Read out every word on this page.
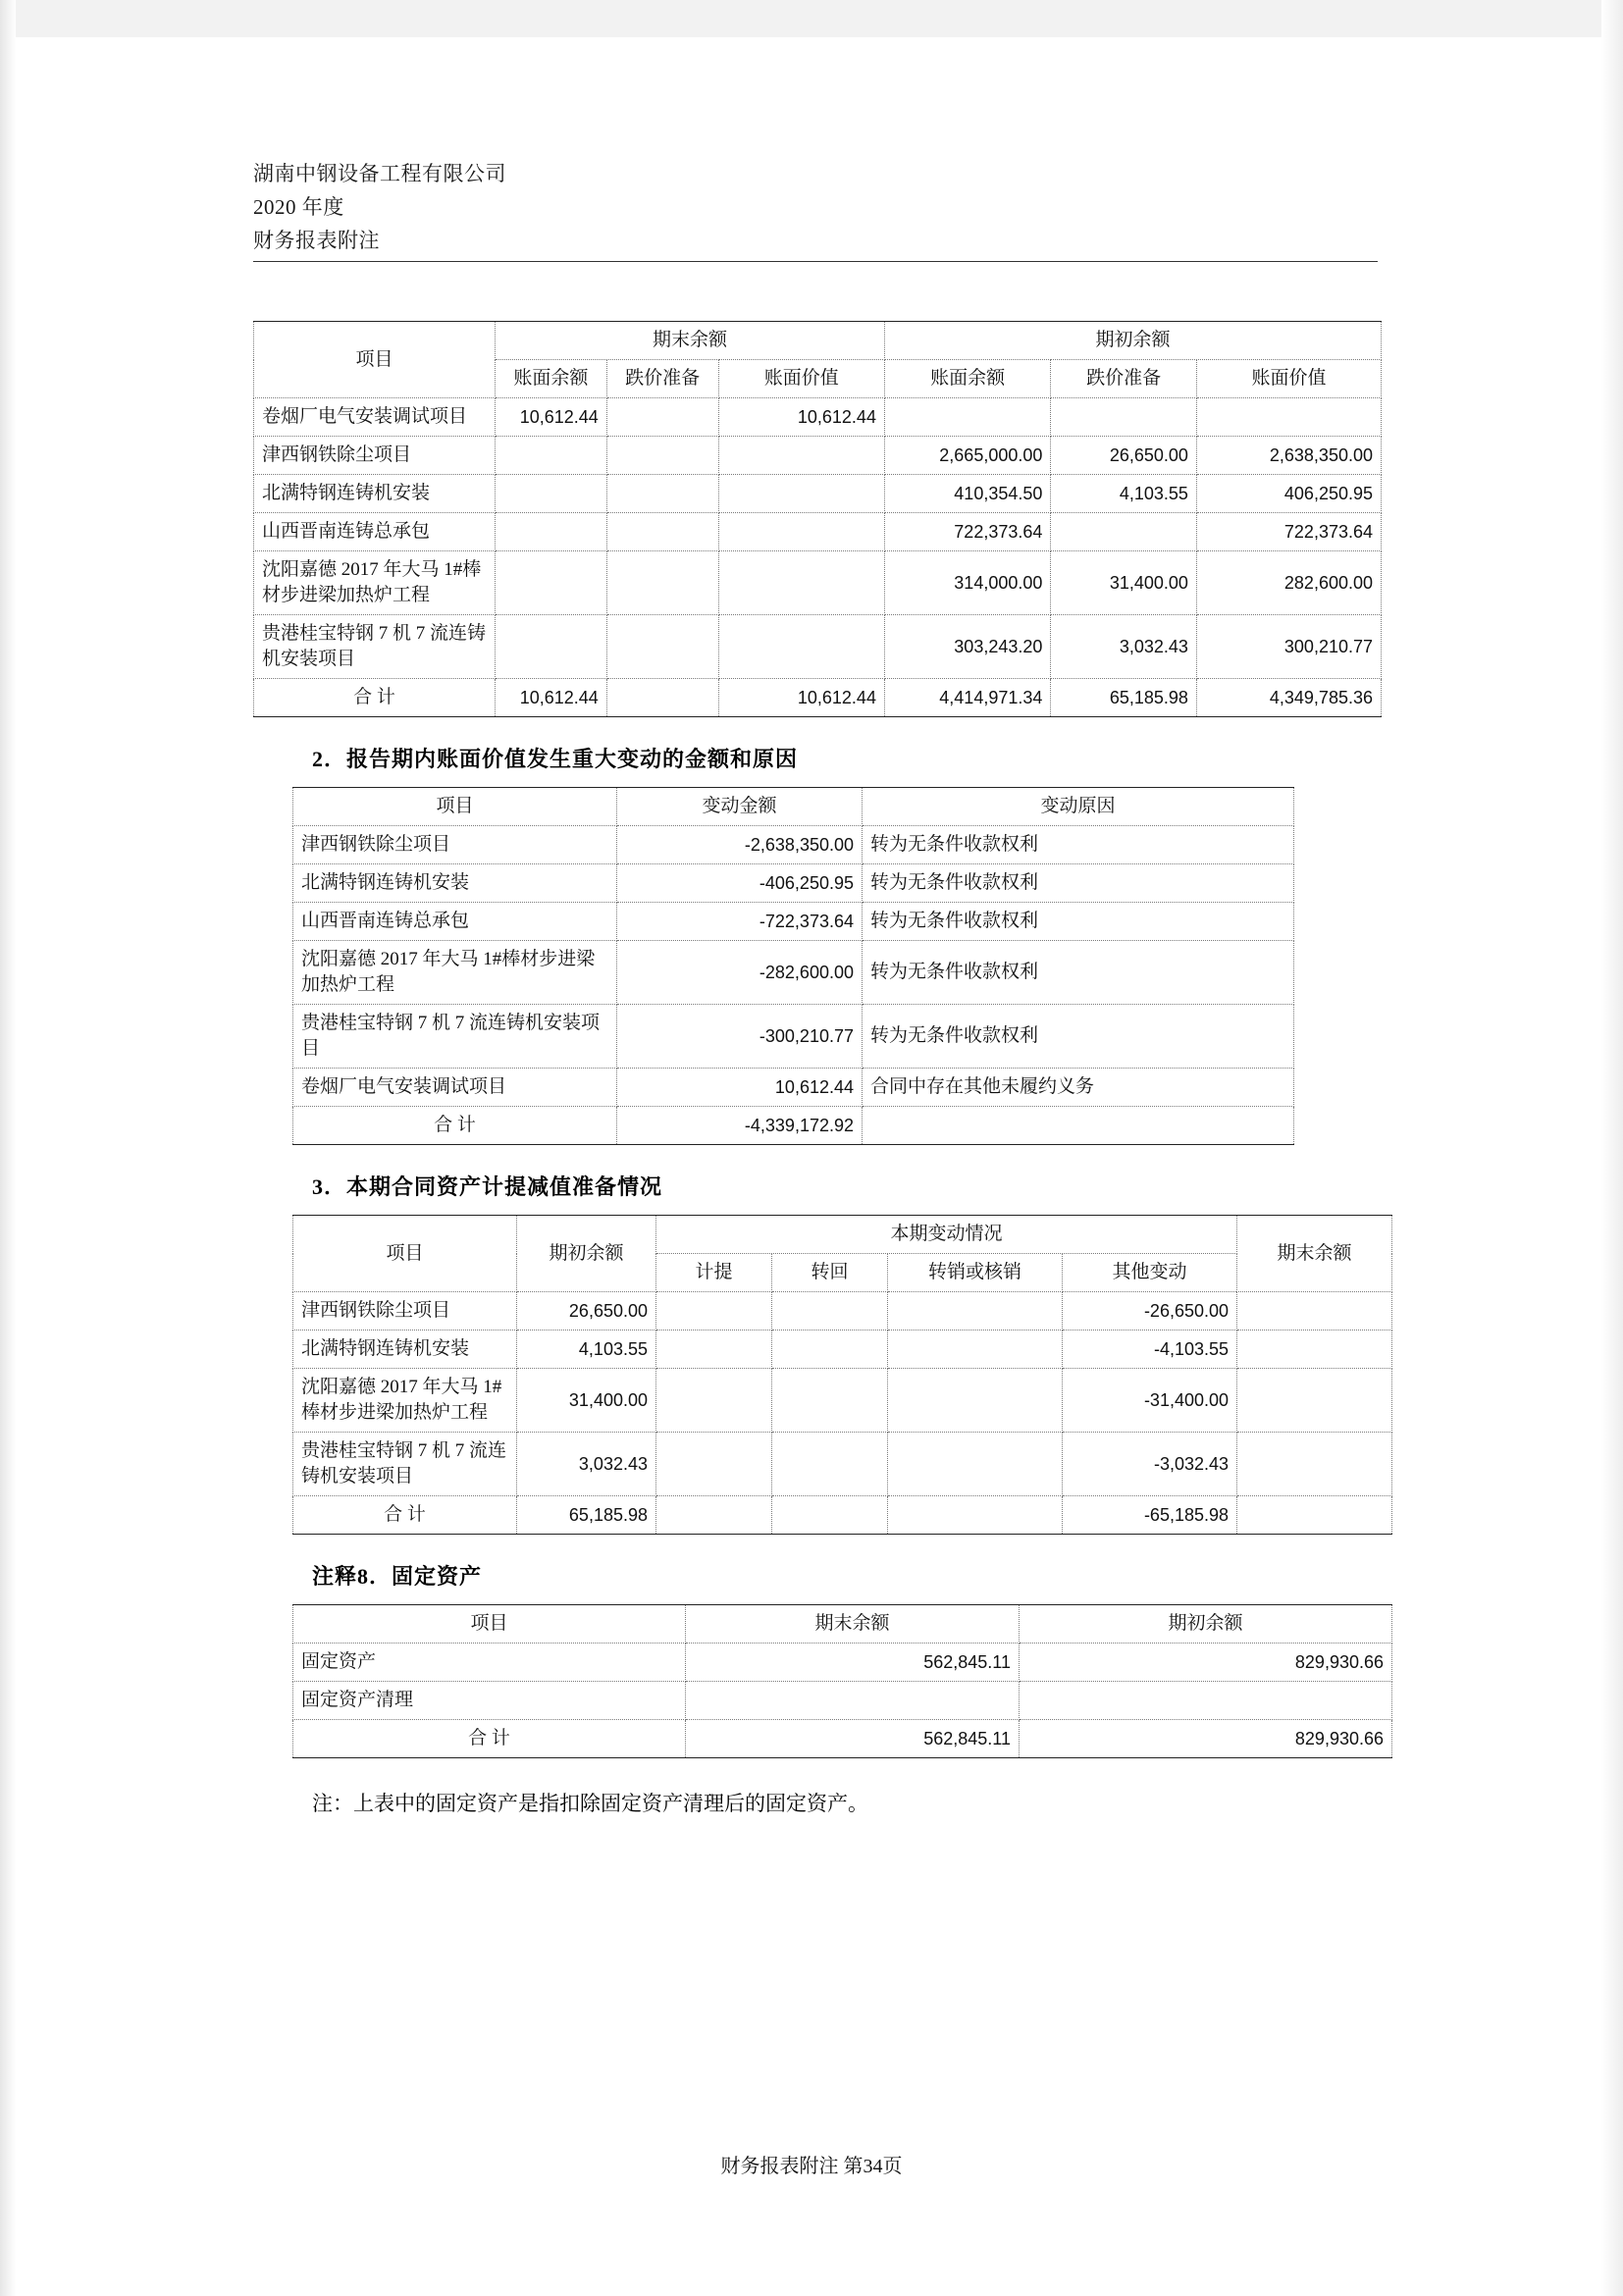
湖南中钢设备工程有限公司
2020 年度
财务报表附注
项目	期末余额			期初余额		
	账面余额	跌价准备	账面价值	账面余额	跌价准备	账面价值
卷烟厂电气安装调试项目	10,612.44		10,612.44			
津西钢铁除尘项目				2,665,000.00	26,650.00	2,638,350.00
北满特钢连铸机安装				410,354.50	4,103.55	406,250.95
山西晋南连铸总承包				722,373.64		722,373.64
沈阳嘉德 2017 年大马 1#棒材步进梁加热炉工程				314,000.00	31,400.00	282,600.00
贵港桂宝特钢 7 机 7 流连铸机安装项目				303,243.20	3,032.43	300,210.77
合 计	10,612.44		10,612.44	4,414,971.34	65,185.98	4,349,785.36
2．报告期内账面价值发生重大变动的金额和原因
项目	变动金额	变动原因
津西钢铁除尘项目	-2,638,350.00	转为无条件收款权利
北满特钢连铸机安装	-406,250.95	转为无条件收款权利
山西晋南连铸总承包	-722,373.64	转为无条件收款权利
沈阳嘉德 2017 年大马 1#棒材步进梁加热炉工程	-282,600.00	转为无条件收款权利
贵港桂宝特钢 7 机 7 流连铸机安装项目	-300,210.77	转为无条件收款权利
卷烟厂电气安装调试项目	10,612.44	合同中存在其他未履约义务
合 计	-4,339,172.92	
3．本期合同资产计提减值准备情况
项目	期初余额	本期变动情况				期末余额
		计提	转回	转销或核销	其他变动	
津西钢铁除尘项目	26,650.00				-26,650.00	
北满特钢连铸机安装	4,103.55				-4,103.55	
沈阳嘉德 2017 年大马 1#棒材步进梁加热炉工程	31,400.00				-31,400.00	
贵港桂宝特钢 7 机 7 流连铸机安装项目	3,032.43				-3,032.43	
合 计	65,185.98				-65,185.98	
注释8．固定资产
项目	期末余额	期初余额
固定资产	562,845.11	829,930.66
固定资产清理		
合 计	562,845.11	829,930.66
注：上表中的固定资产是指扣除固定资产清理后的固定资产。
财务报表附注 第34页
